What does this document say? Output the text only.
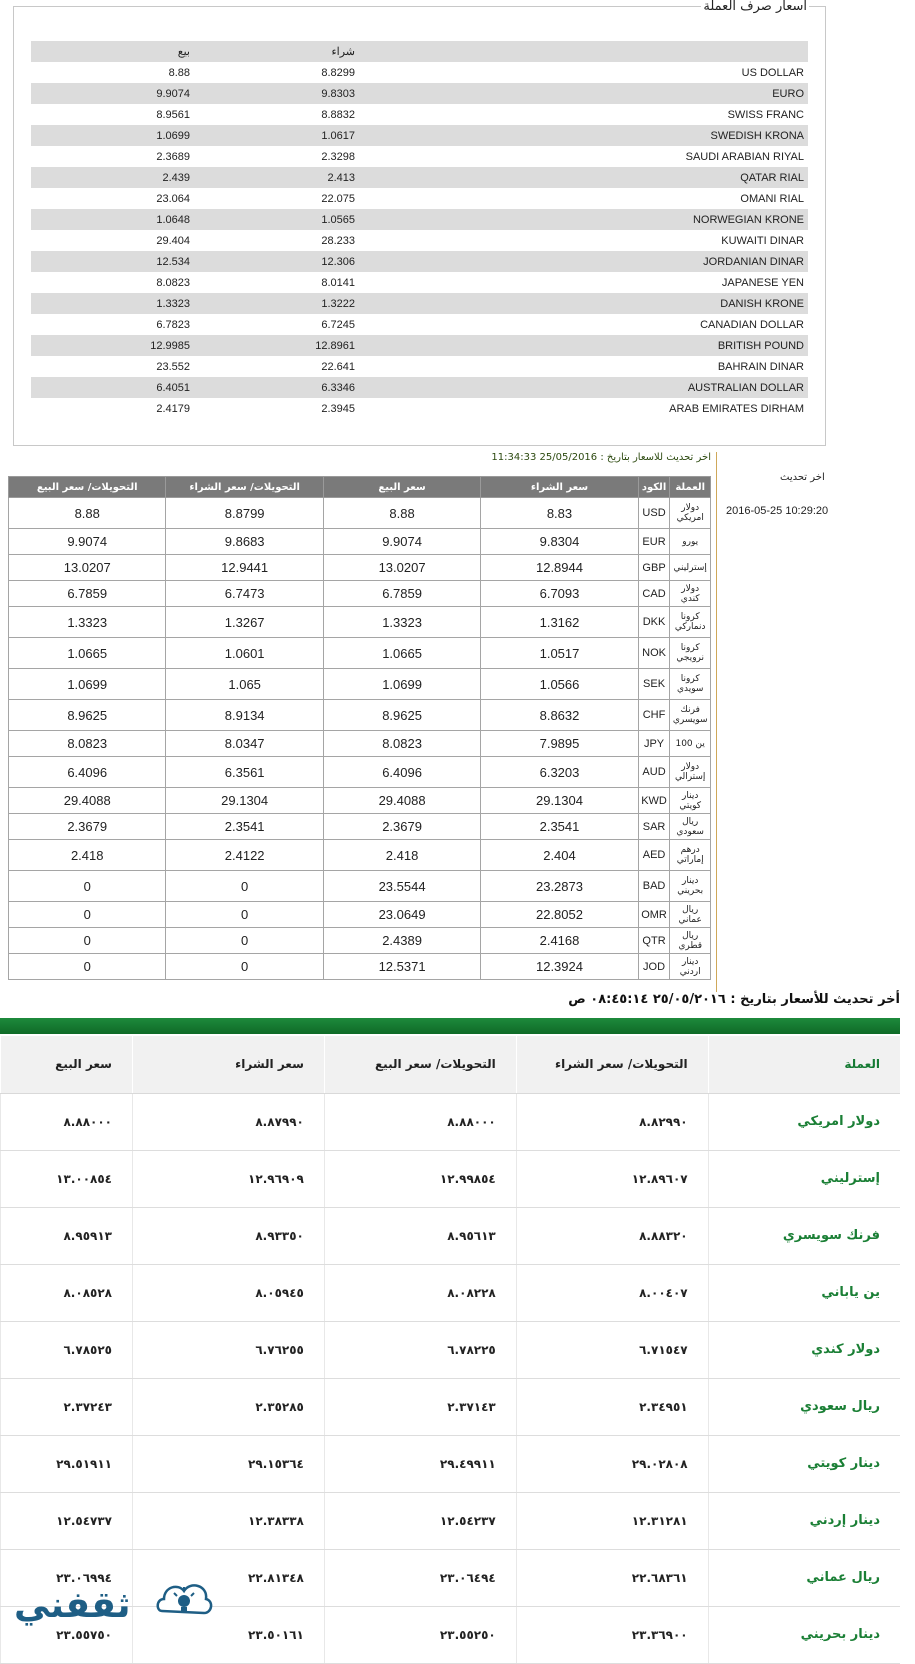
اسعار صرف العملة
بيع	شراء	
8.88	8.8299	US DOLLAR
9.9074	9.8303	EURO
8.9561	8.8832	SWISS FRANC
1.0699	1.0617	SWEDISH KRONA
2.3689	2.3298	SAUDI ARABIAN RIYAL
2.439	2.413	QATAR RIAL
23.064	22.075	OMANI RIAL
1.0648	1.0565	NORWEGIAN KRONE
29.404	28.233	KUWAITI DINAR
12.534	12.306	JORDANIAN DINAR
8.0823	8.0141	JAPANESE YEN
1.3323	1.3222	DANISH KRONE
6.7823	6.7245	CANADIAN DOLLAR
12.9985	12.8961	BRITISH POUND
23.552	22.641	BAHRAIN DINAR
6.4051	6.3346	AUSTRALIAN DOLLAR
2.4179	2.3945	ARAB EMIRATES DIRHAM
اخر تحديث للاسعار بتاريخ : 25/05/2016 11:34:33
اخر تحديث
2016-05-25 10:29:20
العملة	الكود	سعر الشراء	سعر البيع	التحويلات/ سعر الشراء	التحويلات/ سعر البيع
دولار امريكي	USD	8.83	8.88	8.8799	8.88
يورو	EUR	9.8304	9.9074	9.8683	9.9074
إسترليني	GBP	12.8944	13.0207	12.9441	13.0207
دولار كندي	CAD	6.7093	6.7859	6.7473	6.7859
كرونا دنماركي	DKK	1.3162	1.3323	1.3267	1.3323
كرونا نرويجي	NOK	1.0517	1.0665	1.0601	1.0665
كرونا سويدي	SEK	1.0566	1.0699	1.065	1.0699
فرنك سويسري	CHF	8.8632	8.9625	8.9134	8.9625
ين 100	JPY	7.9895	8.0823	8.0347	8.0823
دولار إسترالي	AUD	6.3203	6.4096	6.3561	6.4096
دينار كويتي	KWD	29.1304	29.4088	29.1304	29.4088
ريال سعودي	SAR	2.3541	2.3679	2.3541	2.3679
درهم إماراتي	AED	2.404	2.418	2.4122	2.418
دينار بحريني	BAD	23.2873	23.5544	0	0
ريال عماني	OMR	22.8052	23.0649	0	0
ريال قطري	QTR	2.4168	2.4389	0	0
دينار اردني	JOD	12.3924	12.5371	0	0
أخر تحديث للأسعار بتاريخ : ٢٥/٠٥/٢٠١٦ ٠٨:٤٥:١٤ ص
العملة	التحويلات/ سعر الشراء	التحويلات/ سعر البيع	سعر الشراء	سعر البيع
دولار امريكي	٨.٨٢٩٩٠	٨.٨٨٠٠٠	٨.٨٧٩٩٠	٨.٨٨٠٠٠
إسترليني	١٢.٨٩٦٠٧	١٢.٩٩٨٥٤	١٢.٩٦٩٠٩	١٣.٠٠٨٥٤
فرنك سويسري	٨.٨٨٣٢٠	٨.٩٥٦١٣	٨.٩٣٣٥٠	٨.٩٥٩١٣
ين ياباني	٨.٠٠٤٠٧	٨.٠٨٢٢٨	٨.٠٥٩٤٥	٨.٠٨٥٢٨
دولار كندي	٦.٧١٥٤٧	٦.٧٨٢٢٥	٦.٧٦٢٥٥	٦.٧٨٥٢٥
ريال سعودي	٢.٣٤٩٥١	٢.٣٧١٤٣	٢.٣٥٢٨٥	٢.٣٧٢٤٣
دينار كويتي	٢٩.٠٢٨٠٨	٢٩.٤٩٩١١	٢٩.١٥٣٦٤	٢٩.٥١٩١١
دينار إردني	١٢.٣١٢٨١	١٢.٥٤٢٣٧	١٢.٣٨٣٣٨	١٢.٥٤٧٣٧
ريال عماني	٢٢.٦٨٣٦١	٢٣.٠٦٤٩٤	٢٢.٨١٣٤٨	٢٣.٠٦٩٩٤
دينار بحريني	٢٣.٣٦٩٠٠	٢٣.٥٥٢٥٠	٢٣.٥٠١٦١	٢٣.٥٥٧٥٠
ثقفني
